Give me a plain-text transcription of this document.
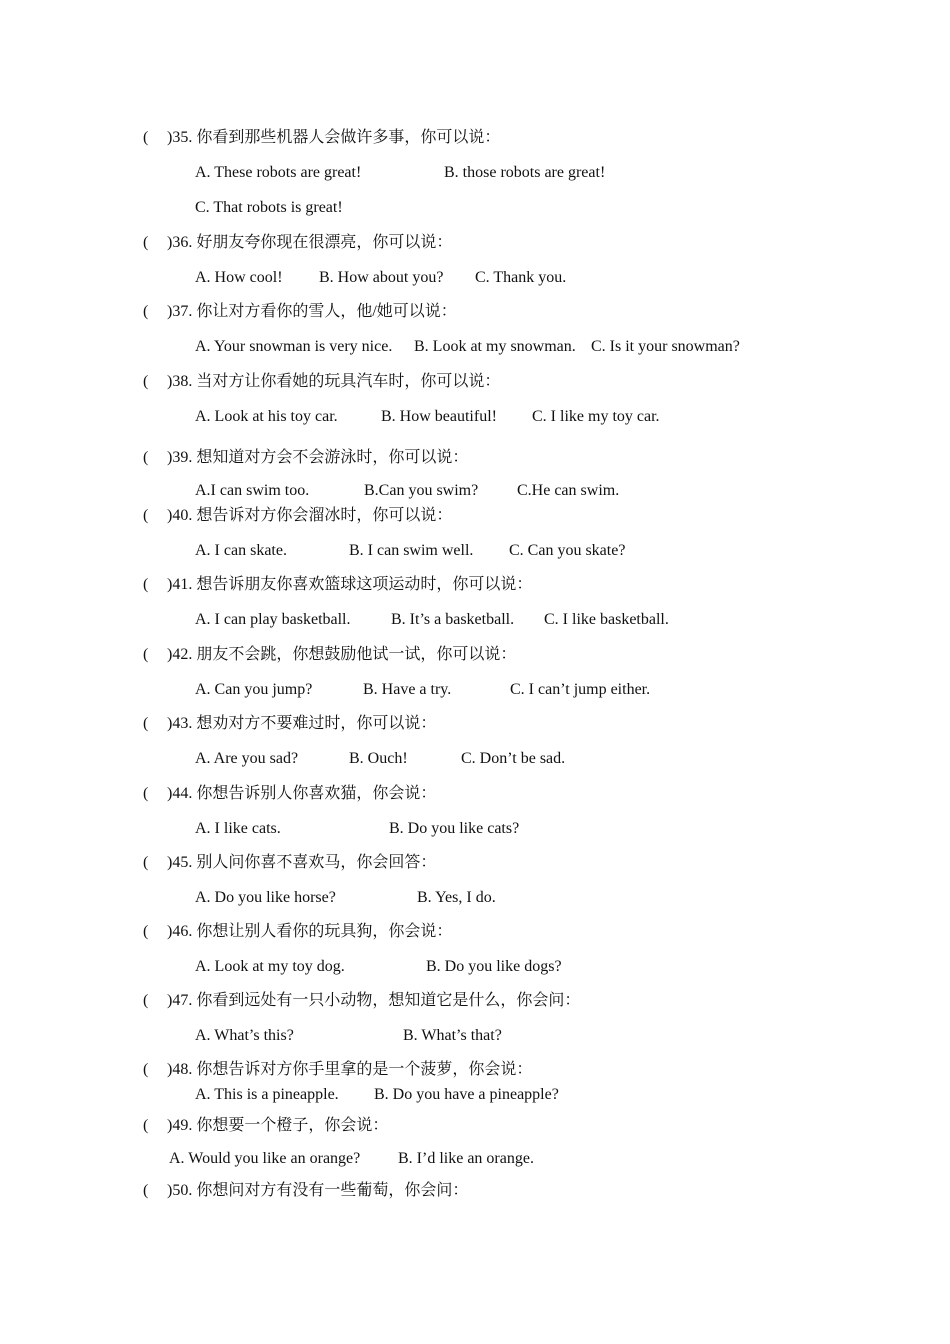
( )35. 你看到那些机器人会做许多事，你可以说：
A. These robots are great!	B. those robots are great!
C. That robots is great!
( )36. 好朋友夸你现在很漂亮，你可以说：
A. How cool! B. How about you? C. Thank you.
( )37. 你让对方看你的雪人，他/她可以说：
A. Your snowman is very nice. B. Look at my snowman. C. Is it your snowman?
( )38. 当对方让你看她的玩具汽车时，你可以说：
A. Look at his toy car.	B. How beautiful! C. I like my toy car.
( )39. 想知道对方会不会游泳时，你可以说：
A.I can swim too.	B.Can you swim? C.He can swim.
( )40. 想告诉对方你会溜冰时，你可以说：
A. I can skate.	B. I can swim well. C. Can you skate?
( )41. 想告诉朋友你喜欢篮球这项运动时，你可以说：
A. I can play basketball.	B. It’s a basketball. C. I like basketball.
( )42. 朋友不会跳，你想鼓励他试一试，你可以说：
A. Can you jump?	B. Have a try.	C. I can’t jump either.
( )43. 想劝对方不要难过时，你可以说：
A. Are you sad?	B. Ouch!	C. Don’t be sad.
( )44. 你想告诉别人你喜欢猫，你会说：
A. I like cats.	B. Do you like cats?
( )45. 别人问你喜不喜欢马，你会回答：
A. Do you like horse?	B. Yes, I do.
( )46. 你想让别人看你的玩具狗，你会说：
A. Look at my toy dog.	B. Do you like dogs?
( )47. 你看到远处有一只小动物，想知道它是什么，你会问：
A. What’s this?	B. What’s that?
( )48. 你想告诉对方你手里拿的是一个菠萝，你会说：
A. This is a pineapple. B. Do you have a pineapple?
( )49. 你想要一个橙子，你会说：
A. Would you like an orange? B. I’d like an orange.
( )50. 你想问对方有没有一些葡萄，你会问：
